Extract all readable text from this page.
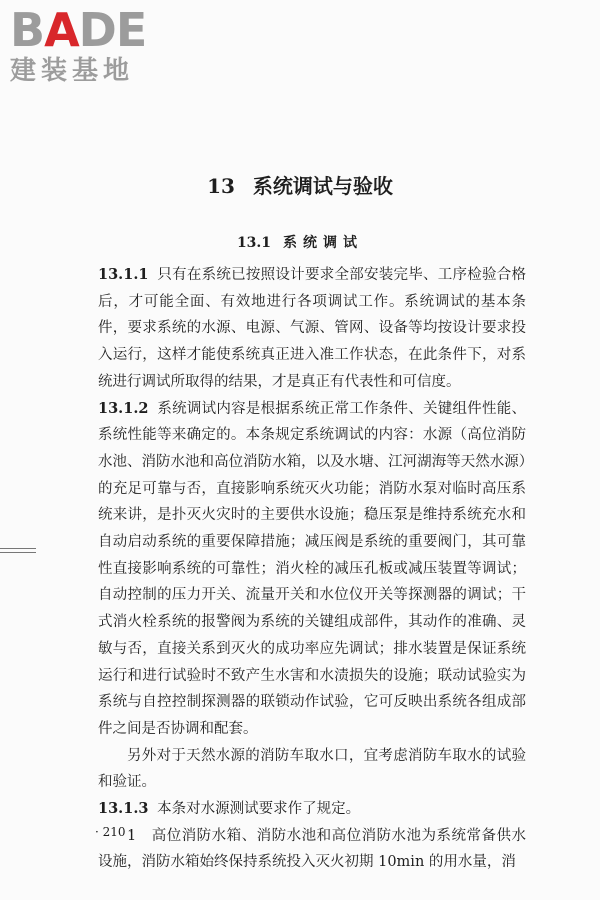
BADE
建装基地
13 系统调试与验收
13.1 系统调试

13.1.1 只有在系统已按照设计要求全部安装完毕、工序检验合格后，才可能全面、有效地进行各项调试工作。系统调试的基本条件，要求系统的水源、电源、气源、管网、设备等均按设计要求投入运行，这样才能使系统真正进入准工作状态，在此条件下，对系统进行调试所取得的结果，才是真正有代表性和可信度。

13.1.2 系统调试内容是根据系统正常工作条件、关键组件性能、系统性能等来确定的。本条规定系统调试的内容：水源（高位消防水池、消防水池和高位消防水箱，以及水塘、江河湖海等天然水源）的充足可靠与否，直接影响系统灭火功能；消防水泵对临时高压系统来讲，是扑灭火灾时的主要供水设施；稳压泵是维持系统充水和自动启动系统的重要保障措施；减压阀是系统的重要阀门，其可靠性直接影响系统的可靠性；消火栓的减压孔板或减压装置等调试；自动控制的压力开关、流量开关和水位仪开关等探测器的调试；干式消火栓系统的报警阀为系统的关键组成部件，其动作的准确、灵敏与否，直接关系到灭火的成功率应先调试；排水装置是保证系统运行和进行试验时不致产生水害和水渍损失的设施；联动试验实为系统与自控控制探测器的联锁动作试验，它可反映出系统各组成部件之间是否协调和配套。

另外对于天然水源的消防车取水口，宜考虑消防车取水的试验和验证。

13.1.3 本条对水源测试要求作了规定。

1　高位消防水箱、消防水池和高位消防水池为系统常备供水设施，消防水箱始终保持系统投入灭火初期 10min 的用水量，消

· 210 ·
